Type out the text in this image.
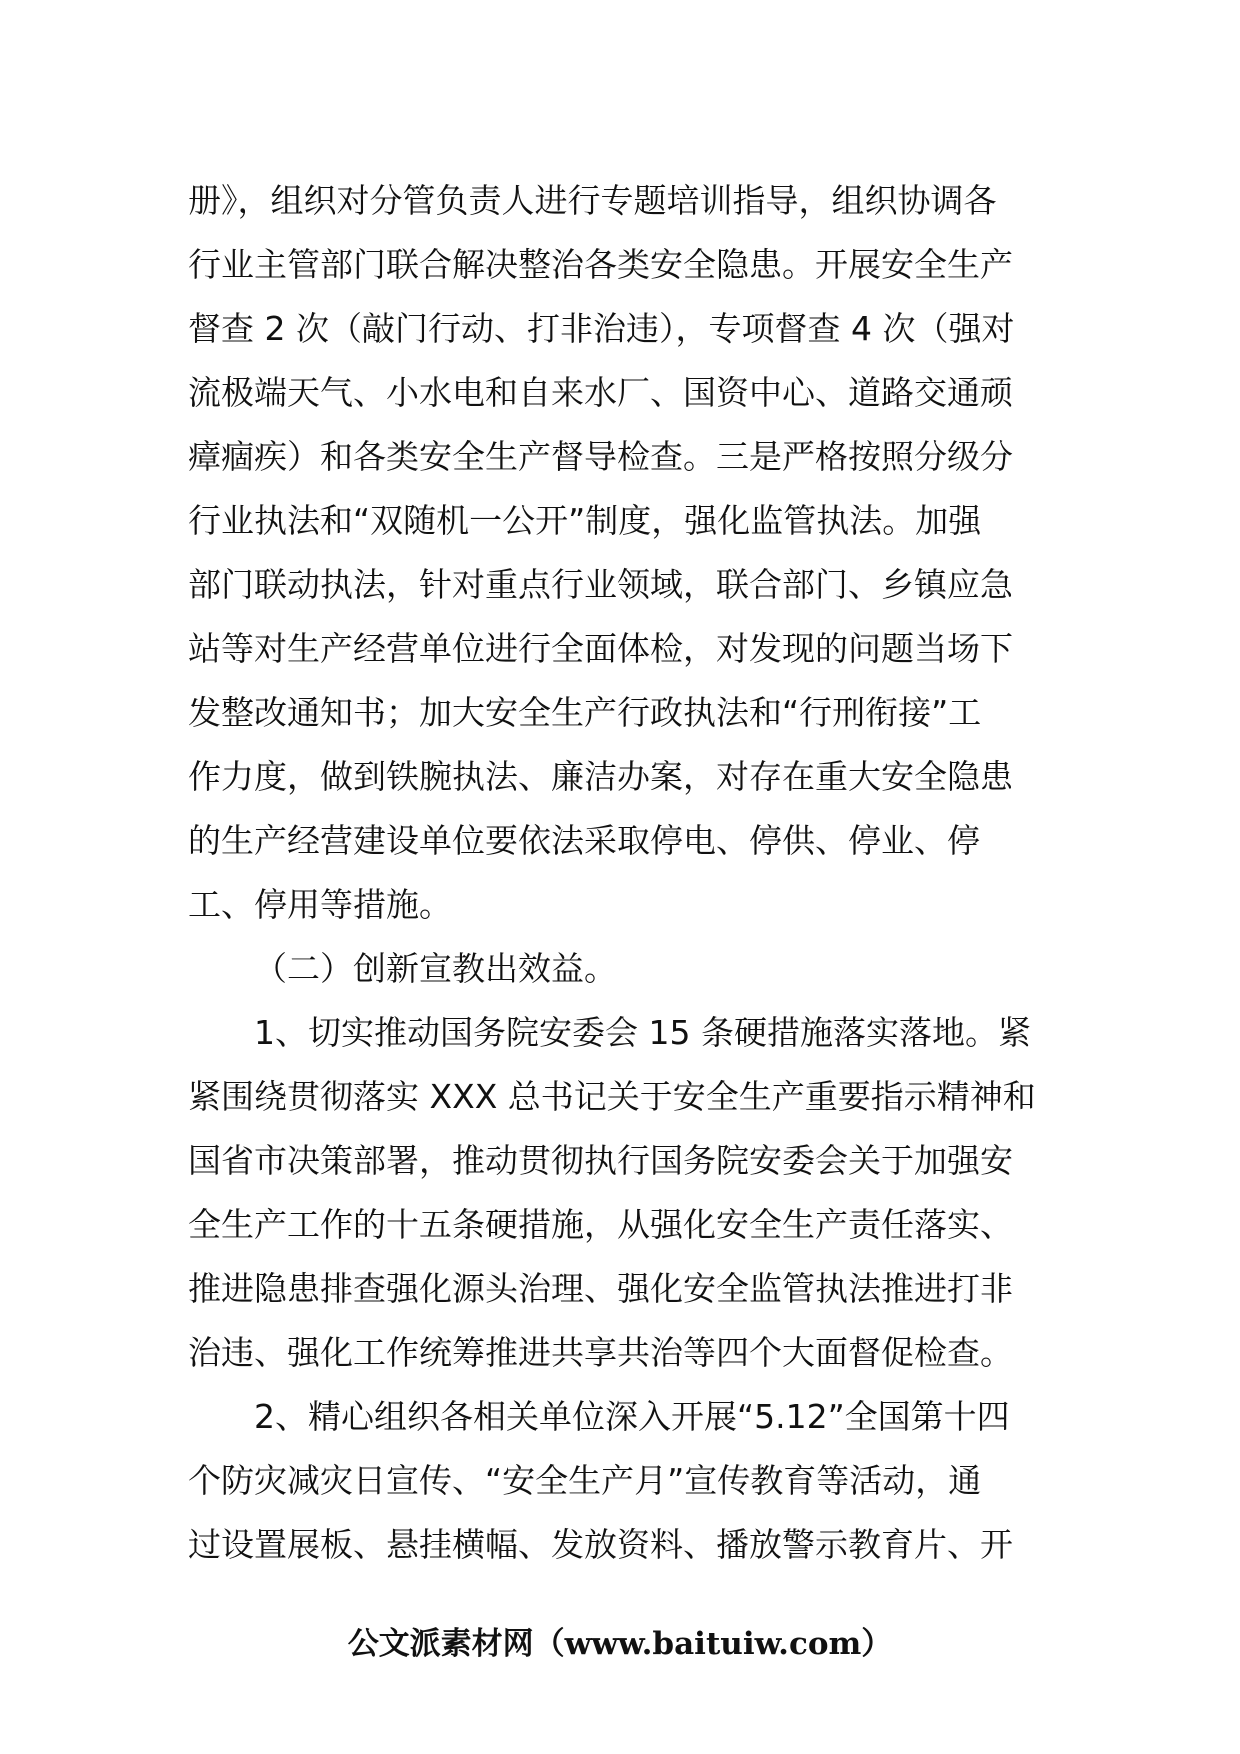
册》，组织对分管负责人进行专题培训指导，组织协调各
行业主管部门联合解决整治各类安全隐患。开展安全生产
督查 2 次（敲门行动、打非治违），专项督查 4 次（强对
流极端天气、小水电和自来水厂、国资中心、道路交通顽
瘴痼疾）和各类安全生产督导检查。三是严格按照分级分
行业执法和“双随机一公开”制度，强化监管执法。加强
部门联动执法，针对重点行业领域，联合部门、乡镇应急
站等对生产经营单位进行全面体检，对发现的问题当场下
发整改通知书；加大安全生产行政执法和“行刑衔接”工
作力度，做到铁腕执法、廉洁办案，对存在重大安全隐患
的生产经营建设单位要依法采取停电、停供、停业、停
工、停用等措施。
（二）创新宣教出效益。
1、切实推动国务院安委会 15 条硬措施落实落地。紧
紧围绕贯彻落实 XXX 总书记关于安全生产重要指示精神和
国省市决策部署，推动贯彻执行国务院安委会关于加强安
全生产工作的十五条硬措施，从强化安全生产责任落实、
推进隐患排查强化源头治理、强化安全监管执法推进打非
治违、强化工作统筹推进共享共治等四个大面督促检查。
2、精心组织各相关单位深入开展“5.12”全国第十四
个防灾减灾日宣传、“安全生产月”宣传教育等活动，通
过设置展板、悬挂横幅、发放资料、播放警示教育片、开
公文派素材网（www.baituiw.com）
